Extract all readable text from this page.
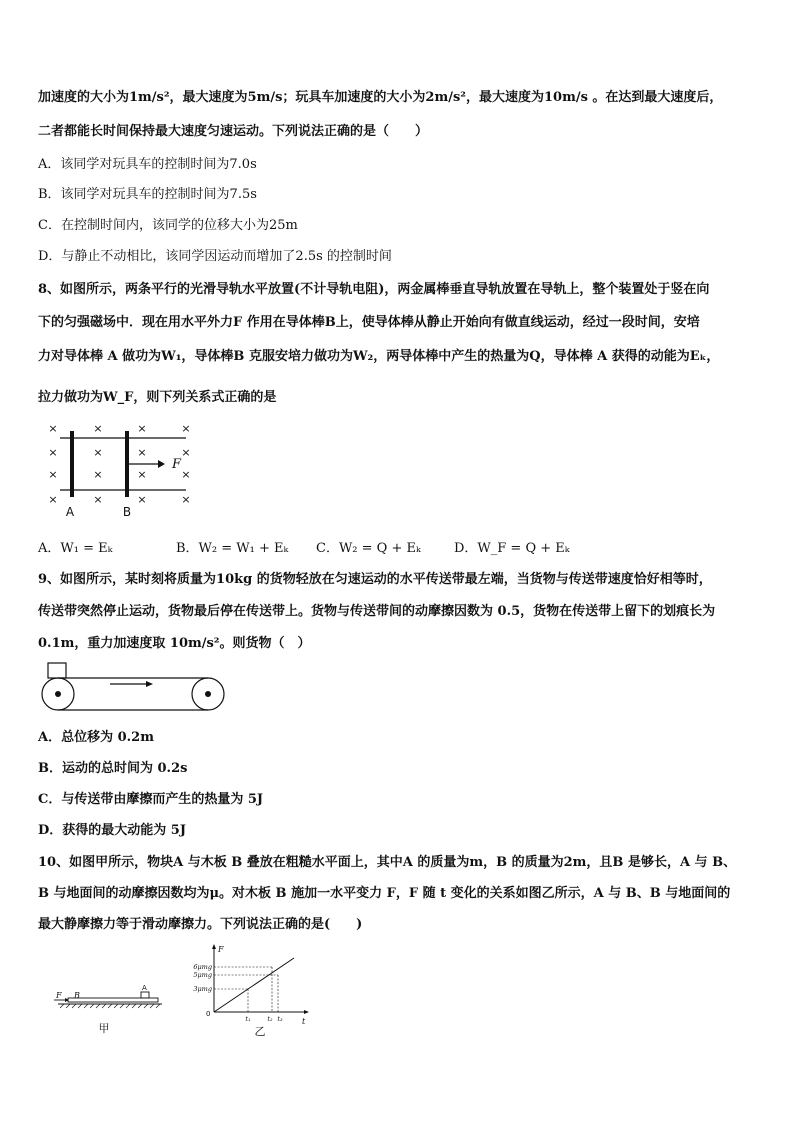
加速度的大小为1m/s²，最大速度为5m/s；玩具车加速度的大小为2m/s²，最大速度为10m/s 。在达到最大速度后，
二者都能长时间保持最大速度匀速运动。下列说法正确的是（　　）
A．该同学对玩具车的控制时间为7.0s
B．该同学对玩具车的控制时间为7.5s
C．在控制时间内，该同学的位移大小为25m
D．与静止不动相比，该同学因运动而增加了2.5s 的控制时间
8、如图所示，两条平行的光滑导轨水平放置(不计导轨电阻)，两金属棒垂直导轨放置在导轨上，整个装置处于竖在向
下的匀强磁场中．现在用水平外力F 作用在导体棒B上，使导体棒从静止开始向有做直线运动，经过一段时间，安培
力对导体棒 A 做功为W₁，导体棒B 克服安培力做功为W₂，两导体棒中产生的热量为Q，导体棒 A 获得的动能为Eₖ，
拉力做功为W_F，则下列关系式正确的是
×	×	×	×
×	×	×	×
×	×	×	×
×	×	×	×
F
A	B
A．W₁ = Eₖ	B．W₂ = W₁ + Eₖ	C．W₂ = Q + Eₖ	D．W_F = Q + Eₖ
9、如图所示，某时刻将质量为10kg 的货物轻放在匀速运动的水平传送带最左端，当货物与传送带速度恰好相等时，
传送带突然停止运动，货物最后停在传送带上。货物与传送带间的动摩擦因数为 0.5，货物在传送带上留下的划痕长为
0.1m，重力加速度取 10m/s²。则货物（　）
A．总位移为 0.2m
B．运动的总时间为 0.2s
C．与传送带由摩擦而产生的热量为 5J
D．获得的最大动能为 5J
10、如图甲所示，物块A 与木板 B 叠放在粗糙水平面上，其中A 的质量为m，B 的质量为2m，且B 是够长，A 与 B、
B 与地面间的动摩擦因数均为μ。对木板 B 施加一水平变力 F，F 随 t 变化的关系如图乙所示，A 与 B、B 与地面间的
最大静摩擦力等于滑动摩擦力。下列说法正确的是(　　)
F B
A
甲
F
t
0
6μmg
5μmg
3μmg
t₁	t₂ t₃
乙
